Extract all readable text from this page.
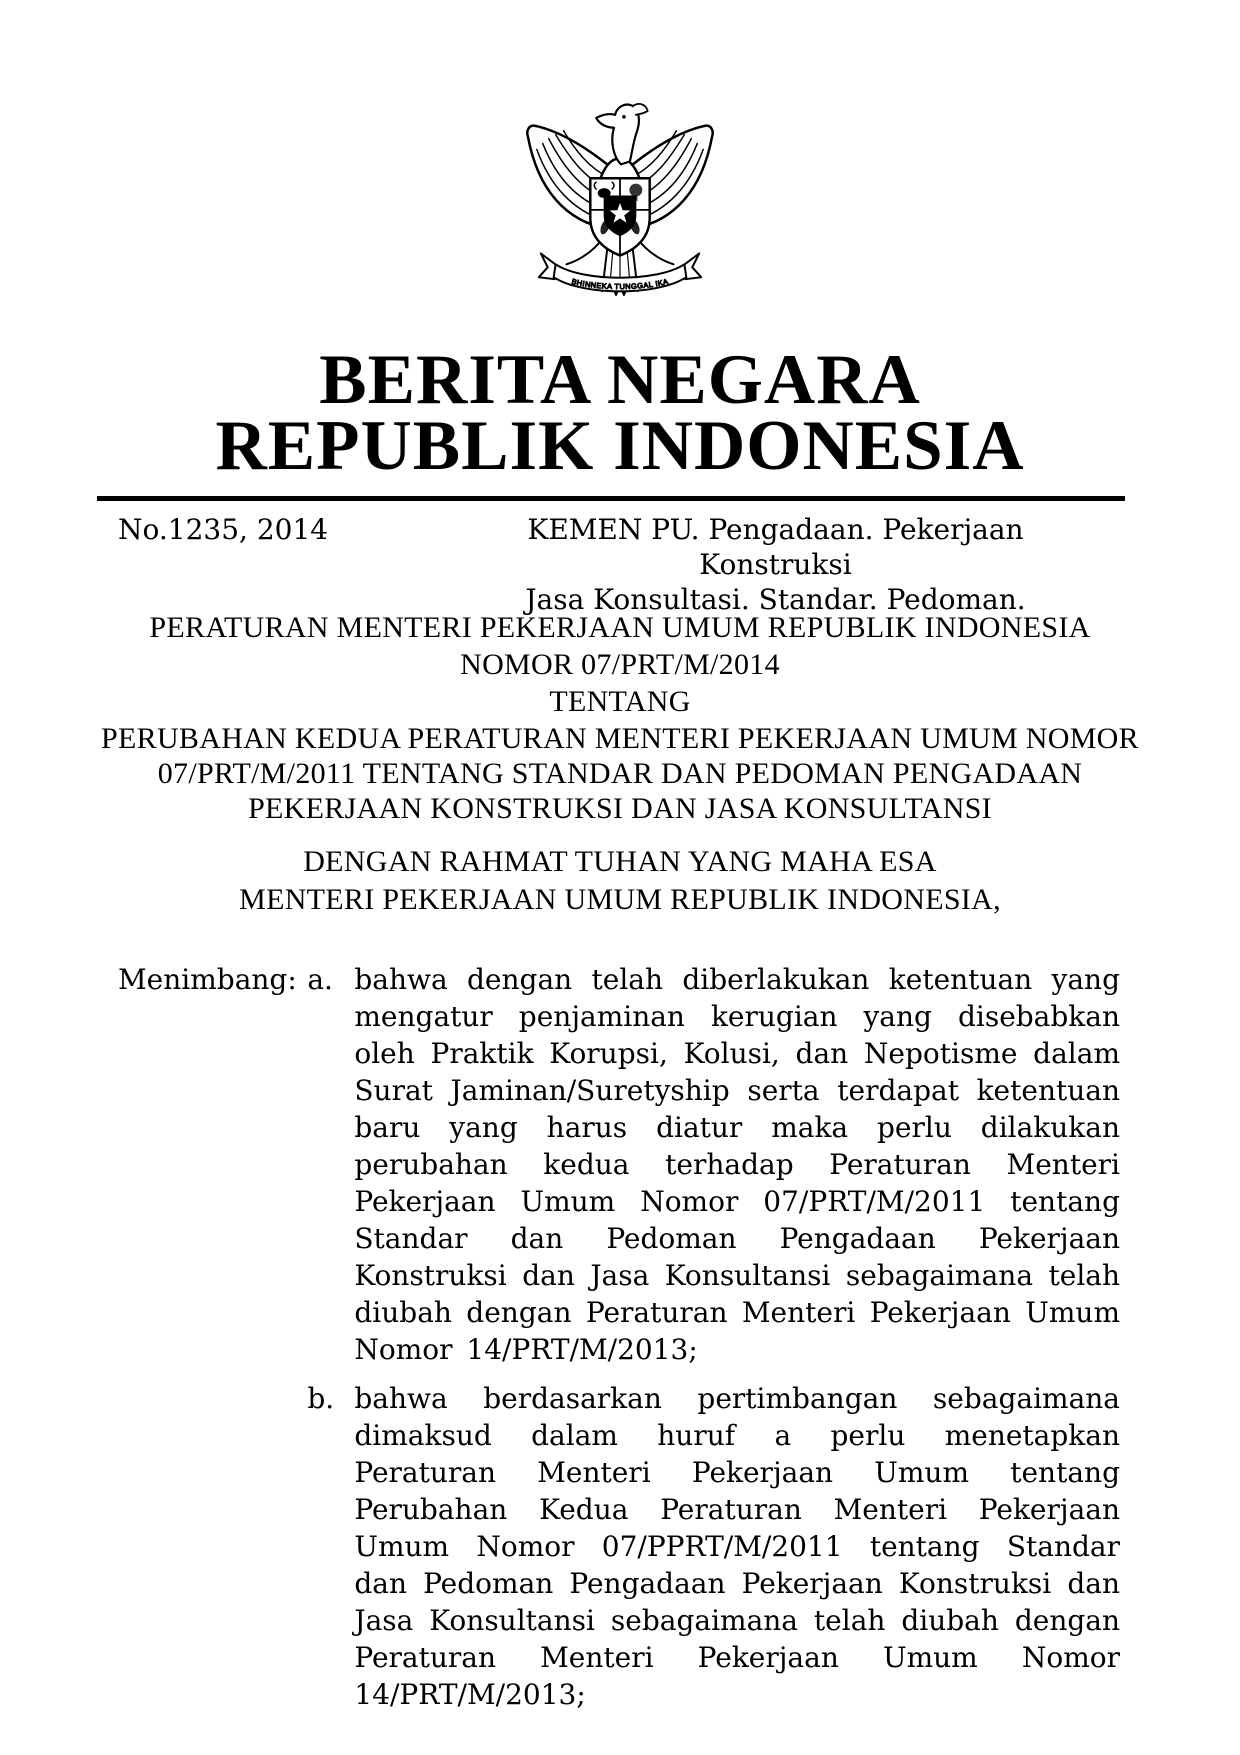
BHINNEKA TUNGGAL IKA
BERITA NEGARA
REPUBLIK INDONESIA
No.1235, 2014	KEMEN PU. Pengadaan. Pekerjaan Konstruksi
Jasa Konsultasi. Standar. Pedoman.
PERATURAN MENTERI PEKERJAAN UMUM REPUBLIK INDONESIA
NOMOR 07/PRT/M/2014
TENTANG
PERUBAHAN KEDUA PERATURAN MENTERI PEKERJAAN UMUM NOMOR
07/PRT/M/2011 TENTANG STANDAR DAN PEDOMAN PENGADAAN
PEKERJAAN KONSTRUKSI DAN JASA KONSULTANSI
DENGAN RAHMAT TUHAN YANG MAHA ESA
MENTERI PEKERJAAN UMUM REPUBLIK INDONESIA,
Menimbang : a. bahwa dengan telah diberlakukan ketentuan yang mengatur penjaminan kerugian yang disebabkan oleh Praktik Korupsi, Kolusi, dan Nepotisme dalam Surat Jaminan/Suretyship serta terdapat ketentuan baru yang harus diatur maka perlu dilakukan perubahan kedua terhadap Peraturan Menteri Pekerjaan Umum Nomor 07/PRT/M/2011 tentang Standar dan Pedoman Pengadaan Pekerjaan Konstruksi dan Jasa Konsultansi sebagaimana telah diubah dengan Peraturan Menteri Pekerjaan Umum Nomor 14/PRT/M/2013;
b. bahwa berdasarkan pertimbangan sebagaimana dimaksud dalam huruf a perlu menetapkan Peraturan Menteri Pekerjaan Umum tentang Perubahan Kedua Peraturan Menteri Pekerjaan Umum Nomor 07/PPRT/M/2011 tentang Standar dan Pedoman Pengadaan Pekerjaan Konstruksi dan Jasa Konsultansi sebagaimana telah diubah dengan Peraturan Menteri Pekerjaan Umum Nomor 14/PRT/M/2013;
